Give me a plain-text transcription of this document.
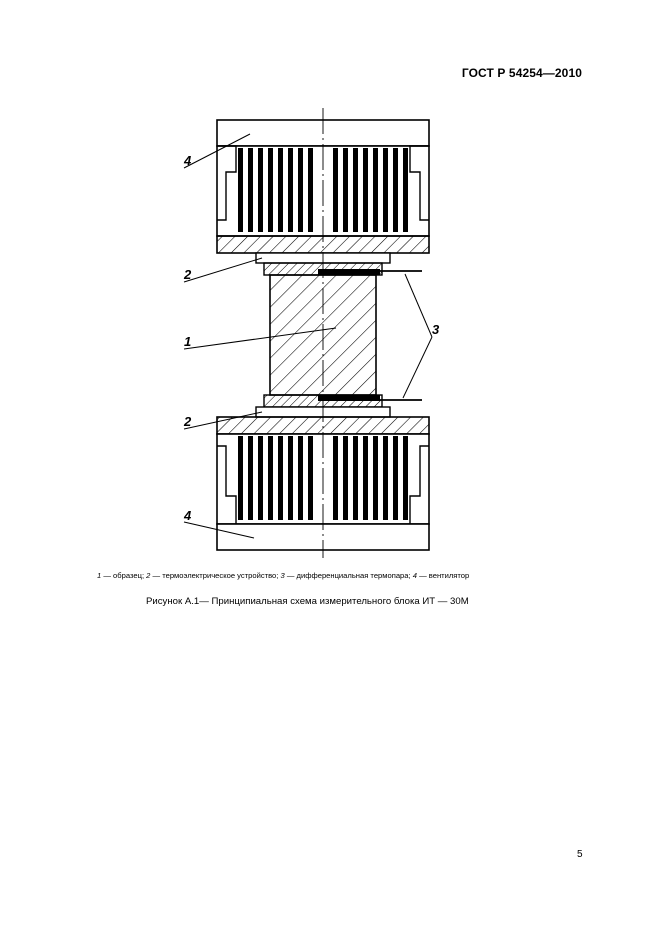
ГОСТ Р 54254—2010
4
2
1
3
2
4
1 — образец; 2 — термоэлектрическое устройство; 3 — дифференциальная термопара; 4 — вентилятор
Рисунок А.1— Принципиальная схема измерительного блока ИТ — 30М
5
